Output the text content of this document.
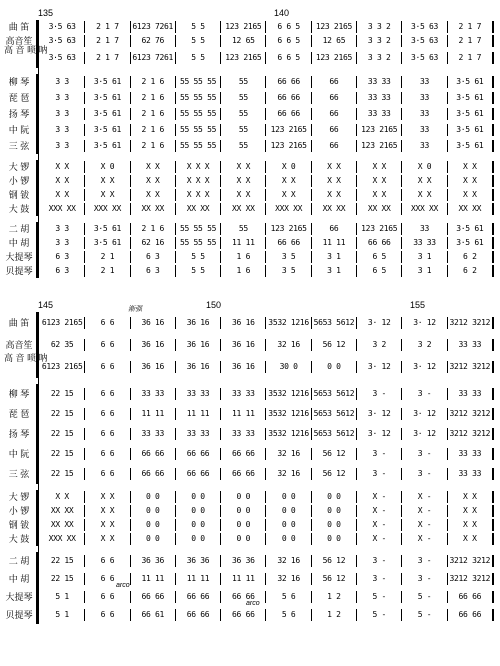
135	140
曲 笛	3·5 63	2 1 7	6123 7261	5 5	123 2165	6 6 5	123 2165	3 3 2	3·5 63	2 1 7
高音笙	3·5 63	2 1 7	62 76	5 5	12 65	6 6 5	12 65	3 3 2	3·5 63	2 1 7
高 音 唢 呐
3·5 63	2 1 7	6123 7261	5 5	123 2165	6 6 5	123 2165	3 3 2	3·5 63	2 1 7
柳 琴	3 3	3·5 61	2 1 6	55 55 55	55	66 66	66	33 33	33	3·5 61
琵 琶	3 3	3·5 61	2 1 6	55 55 55	55	66 66	66	33 33	33	3·5 61
扬 琴	3 3	3·5 61	2 1 6	55 55 55	55	66 66	66	33 33	33	3·5 61
中 阮	3 3	3·5 61	2 1 6	55 55 55	55	123 2165	66	123 2165	33	3·5 61
三 弦	3 3	3·5 61	2 1 6	55 55 55	55	123 2165	66	123 2165	33	3·5 61
大 锣	X X	X 0	X X	X X X	X X	X 0	X X	X X	X 0	X X
小 锣	X X	X X	X X	X X X	X X	X X	X X	X X	X X	X X
钢 钹	X X	X X	X X	X X X	X X	X X	X X	X X	X X	X X
大 鼓	XXX XX	XXX XX	XX XX	XX XX	XX XX	XXX XX	XX XX	XX XX	XXX XX	XX XX
二 胡	3 3	3·5 61	2 1 6	55 55 55	55	123 2165	66	123 2165	33	3·5 61
中 胡	3 3	3·5 61	62 16	55 55 55	11 11	66 66	11 11	66 66	33 33	3·5 61
大提琴	6 3	2 1	6 3	5 5	1 6	3 5	3 1	6 5	3 1	6 2
贝提琴	6 3	2 1	6 3	5 5	1 6	3 5	3 1	6 5	3 1	6 2
145	150	155
渐强
曲 笛	6123 2165	6 6	36 16	36 16	36 16	3532 1216 5653 5612	3· 12	3· 12	3212 3212
高音笙	62 35	6 6	36 16	36 16	36 16	32 16	56 12	3 2	3 2	33 33
高 音 唢 呐
6123 2165	6 6	36 16	36 16	36 16	30 0	0 0	3· 12	3· 12	3212 3212
柳 琴	22 15	6 6	33 33	33 33	33 33	3532 1216 5653 5612	3 -	3 -	33 33
琵 琶	22 15	6 6	11 11	11 11	11 11	3532 1216 5653 5612	3· 12	3· 12	3212 3212
扬 琴	22 15	6 6	33 33	33 33	33 33	3532 1216 5653 5612	3· 12	3· 12	3212 3212
中 阮	22 15	6 6	66 66	66 66	66 66	32 16	56 12	3 -	3 -	33 33
三 弦	22 15	6 6	66 66	66 66	66 66	32 16	56 12	3 -	3 -	33 33
大 锣	X X	X X	0 0	0 0	0 0	0 0	0 0	X -	X -	X X
小 锣	XX XX	X X	0 0	0 0	0 0	0 0	0 0	X -	X -	X X
钢 钹	XX XX	X X	0 0	0 0	0 0	0 0	0 0	X -	X -	X X
大 鼓	XXX XX	X X	0 0	0 0	0 0	0 0	0 0	X -	X -	X X
二 胡	22 15	6 6	36 36	36 36	36 36	32 16	56 12	3 -	3 -	3212 3212
中 胡	22 15	6 6	11 11	11 11	11 11	32 16	56 12	3 -	3 -	3212 3212
大提琴	5 1	6 6	66 66	66 66	66 66	5 6	1 2	5 -	5 -	66 66
贝提琴	5 1	6 6	66 61	66 66	66 66	5 6	1 2	5 -	5 -	66 66
arco
arco
